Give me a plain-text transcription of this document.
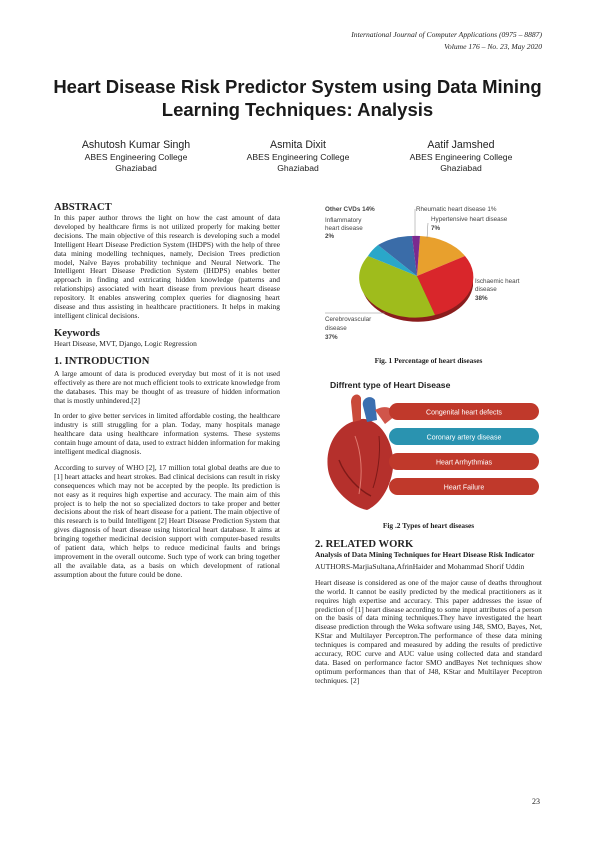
International Journal of Computer Applications (0975 – 8887)
Volume 176 – No. 23, May 2020
Heart Disease Risk Predictor System using Data Mining
Learning Techniques: Analysis
Ashutosh Kumar Singh
ABES Engineering College
Ghaziabad
Asmita Dixit
ABES Engineering College
Ghaziabad
Aatif Jamshed
ABES Engineering College
Ghaziabad
ABSTRACT

In this paper author throws the light on how the cast amount of data developed by healthcare firms is not utilized properly for making better decisions. The main objective of this research is developing such a model Intelligent Heart Disease Prediction System (IHDPS) with the help of three data mining modelling techniques, namely, Decision Trees prediction model, Naïve Bayes probability technique and Neural Network. The Intelligent Heart Disease Prediction System (IHDPS) enables better approach in finding and extricating hidden knowledge (patterns and relationships) associated with heart disease from previous heart disease repository. It enables answering complex queries for diagnosing heart disease and thus assisting in healthcare practitioners. It helps in making intelligent clinical decisions.

Keywords

Heart Disease, MVT, Django, Logic Regression

1. INTRODUCTION

A large amount of data is produced everyday but most of it is not used effectively as there are not much efficient tools to extricate knowledge from the databases. This may be thought of as treasure of hidden information that is mostly unhindered.[2]

In order to give better services in limited affordable costing, the healthcare industry is still struggling for a plan. Today, many hospitals manage healthcare data using healthcare information systems. These systems contain huge amount of data, used to extract hidden information for making intelligent medical diagnosis.

According to survey of WHO [2], 17 million total global deaths are due to [1] heart attacks and heart strokes. Bad clinical decisions can result in risky consequences which may not be accepted by the people. Its prediction is not easy as it requires high expertise and accuracy. The main aim of this project is to help the not so specialized doctors to take proper and better decisions about the risk of heart disease for a patient. The main objective of this research is to build Intelligent [2] Heart Disease Prediction System that gives diagnosis of heart disease using historical heart database. It aims at bringing together medicinal decision support with computer-based results of patient data, which helps to reduce medicinal faults and brings improvement in the overall outcome. Such type of work can bring together all the available data, as a basis on which development of rational assumption about the future could be done.

Other CVDs 14%
Inflammatory
heart disease
2%
Rheumatic heart disease 1%
Hypertensive heart disease
7%
Ischaemic heart
disease
38%
Cerebrovascular
disease
37%
Fig. 1 Percentage of heart diseases
Diffrent type of Heart Disease
Congenital heart defects
Coronary artery disease
Heart Arrhythmias
Heart Failure
Fig .2 Types of heart diseases
2. RELATED WORK
Analysis of Data Mining Techniques for Heart Disease Risk Indicator

AUTHORS-MarjiaSultana,AfrinHaider and Mohammad Shorif Uddin

Heart disease is considered as one of the major cause of deaths throughout the world. It cannot be easily predicted by the medical practitioners as it requires high expertise and accuracy. This paper addresses the issue of prediction of [1] heart disease according to some input attributes of a person on the basis of data mining techniques.They have investigated the heart disease prediction through the Weka software using J48, SMO, Bayes, Net, KStar and Multilayer Perceptron.The performance of these data mining techniques is compared and measured by adding the results of predictive accuracy, ROC curve and AUC value using collected data and standard data. Based on performance factor SMO andBayes Net techniques show optimum performances than that of J48, KStar and Multilayer Peceptron techniques. [2]

23
